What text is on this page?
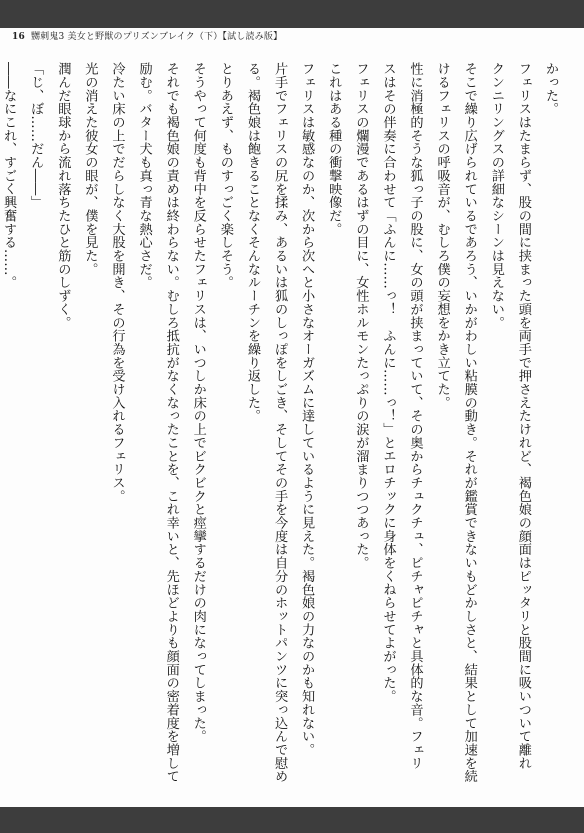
16 嬲刺鬼3 美女と野獣のプリズンブレイク（下）【試し読み版】

かった。

フェリスはたまらず、股の間に挟まった頭を両手で押さえたけれど、褐色娘の顔面はピッタリと股間に吸いついて離れ

クンニリングスの詳細なシーンは見えない。

そこで繰り広げられているであろう、いかがわしい粘膜の動き。それが鑑賞できないもどかしさと、結果として加速を続

けるフェリスの呼吸音が、むしろ僕の妄想をかき立てた。

性に消極的そうな狐っ子の股に、女の頭が挟まっていて、その奥からチュクチュ、ピチャピチャと具体的な音。フェリ

スはその伴奏に合わせて「ふんに……っ！　ふんに……っ！」とエロチックに身体をくねらせてよがった。

フェリスの爛漫であるはずの目に、女性ホルモンたっぷりの涙が溜まりつつあった。

これはある種の衝撃映像だ。

フェリスは敏感なのか、次から次へと小さなオーガズムに達しているように見えた。褐色娘の力なのかも知れない。

片手でフェリスの尻を揉み、あるいは狐のしっぽをしごき、そしてその手を今度は自分のホットパンツに突っ込んで慰め

る。褐色娘は飽きることなくそんなルーチンを繰り返した。

とりあえず、ものすっごく楽しそう。

そうやって何度も背中を反らせたフェリスは、いつしか床の上でビクビクと痙攣するだけの肉になってしまった。

それでも褐色娘の責めは終わらない。むしろ抵抗がなくなったことを、これ幸いと、先ほどよりも顔面の密着度を増して

励む。バター犬も真っ青な熱心さだ。

冷たい床の上でだらしなく大股を開き、その行為を受け入れるフェリス。

光の消えた彼女の眼が、僕を見た。

潤んだ眼球から流れ落ちたひと筋のしずく。

「じ、ぼ……だん――」

――なにこれ、すごく興奮する……。
